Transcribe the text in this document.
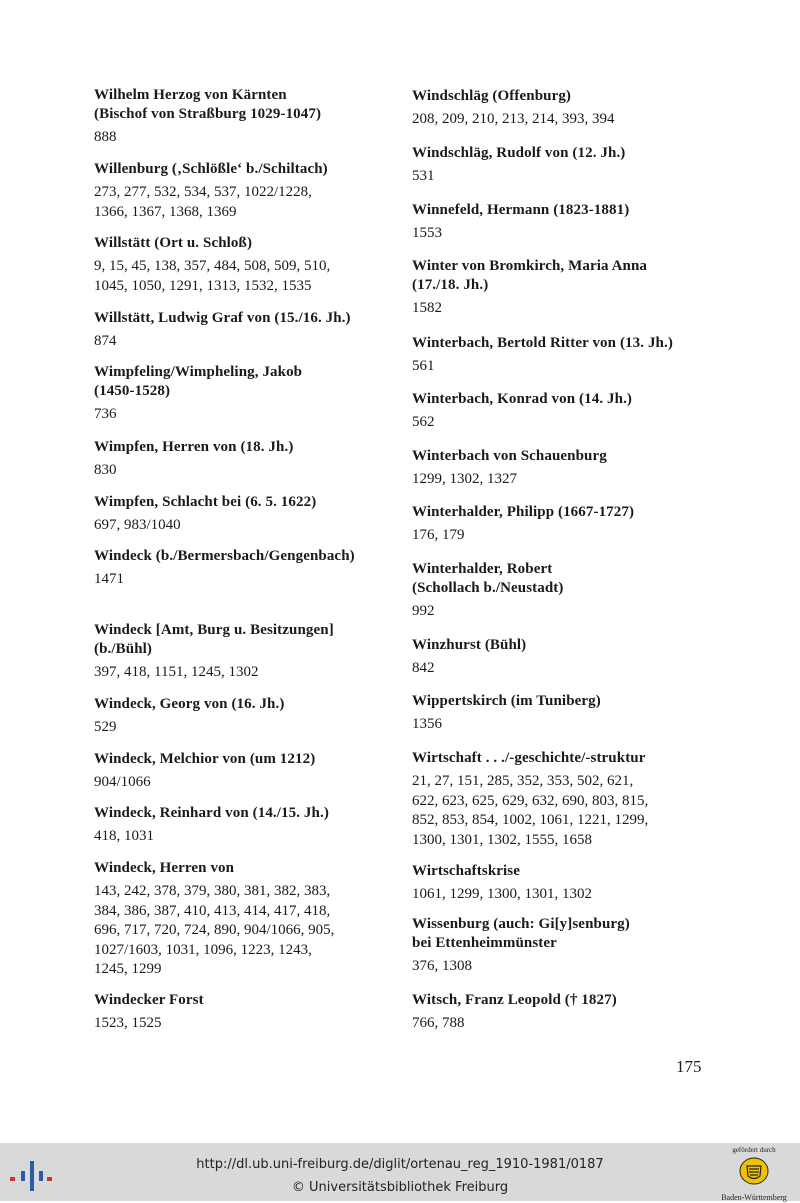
Wilhelm Herzog von Kärnten
(Bischof von Straßburg 1029-1047)
888
Willenburg (‚Schlößle‘ b./Schiltach)
273, 277, 532, 534, 537, 1022/1228,
1366, 1367, 1368, 1369
Willstätt (Ort u. Schloß)
9, 15, 45, 138, 357, 484, 508, 509, 510,
1045, 1050, 1291, 1313, 1532, 1535
Willstätt, Ludwig Graf von (15./16. Jh.)
874
Wimpfeling/Wimpheling, Jakob
(1450-1528)
736
Wimpfen, Herren von (18. Jh.)
830
Wimpfen, Schlacht bei (6. 5. 1622)
697, 983/1040
Windeck (b./Bermersbach/Gengenbach)
1471
Windeck [Amt, Burg u. Besitzungen]
(b./Bühl)
397, 418, 1151, 1245, 1302
Windeck, Georg von (16. Jh.)
529
Windeck, Melchior von (um 1212)
904/1066
Windeck, Reinhard von (14./15. Jh.)
418, 1031
Windeck, Herren von
143, 242, 378, 379, 380, 381, 382, 383,
384, 386, 387, 410, 413, 414, 417, 418,
696, 717, 720, 724, 890, 904/1066, 905,
1027/1603, 1031, 1096, 1223, 1243,
1245, 1299
Windecker Forst
1523, 1525
Windschläg (Offenburg)
208, 209, 210, 213, 214, 393, 394
Windschläg, Rudolf von (12. Jh.)
531
Winnefeld, Hermann (1823-1881)
1553
Winter von Bromkirch, Maria Anna
(17./18. Jh.)
1582
Winterbach, Bertold Ritter von (13. Jh.)
561
Winterbach, Konrad von (14. Jh.)
562
Winterbach von Schauenburg
1299, 1302, 1327
Winterhalder, Philipp (1667-1727)
176, 179
Winterhalder, Robert
(Schollach b./Neustadt)
992
Winzhurst (Bühl)
842
Wippertskirch (im Tuniberg)
1356
Wirtschaft . . ./-geschichte/-struktur
21, 27, 151, 285, 352, 353, 502, 621,
622, 623, 625, 629, 632, 690, 803, 815,
852, 853, 854, 1002, 1061, 1221, 1299,
1300, 1301, 1302, 1555, 1658
Wirtschaftskrise
1061, 1299, 1300, 1301, 1302
Wissenburg (auch: Gi[y]senburg)
bei Ettenheimmünster
376, 1308
Witsch, Franz Leopold († 1827)
766, 788
175
http://dl.ub.uni-freiburg.de/diglit/ortenau_reg_1910-1981/0187
© Universitätsbibliothek Freiburg
gefördert durch
Baden-Württemberg
